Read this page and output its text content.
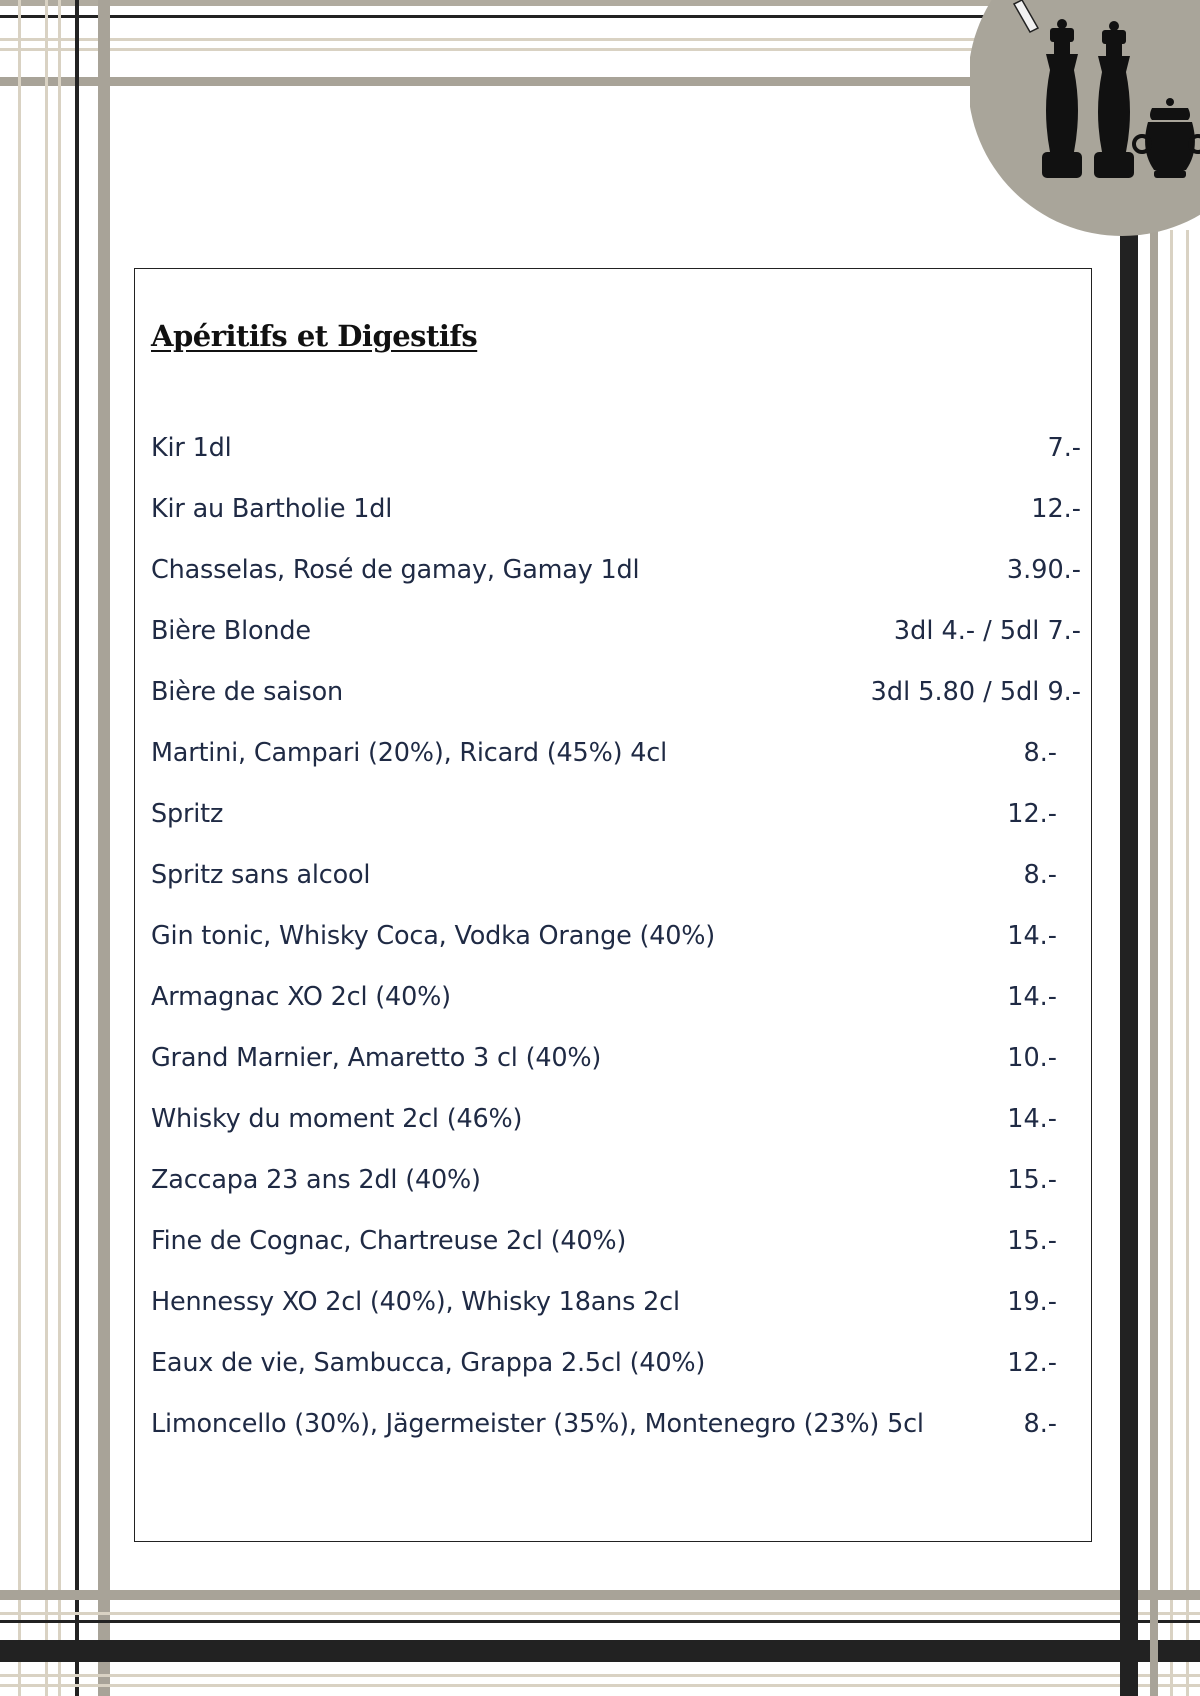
Apéritifs et Digestifs
Kir 1dl	7.-
Kir au Bartholie 1dl	12.-
Chasselas, Rosé de gamay, Gamay 1dl	3.90.-
Bière Blonde	3dl 4.- / 5dl 7.-
Bière de saison	3dl 5.80 / 5dl 9.-
Martini, Campari (20%), Ricard (45%) 4cl	8.-
Spritz	12.-
Spritz sans alcool	8.-
Gin tonic, Whisky Coca, Vodka Orange (40%)	14.-
Armagnac XO 2cl (40%)	14.-
Grand Marnier, Amaretto 3 cl (40%)	10.-
Whisky du moment 2cl (46%)	14.-
Zaccapa 23 ans 2dl (40%)	15.-
Fine de Cognac, Chartreuse 2cl (40%)	15.-
Hennessy XO 2cl (40%), Whisky 18ans 2cl	19.-
Eaux de vie, Sambucca, Grappa 2.5cl (40%)	12.-
Limoncello (30%), Jägermeister (35%), Montenegro (23%) 5cl	8.-
